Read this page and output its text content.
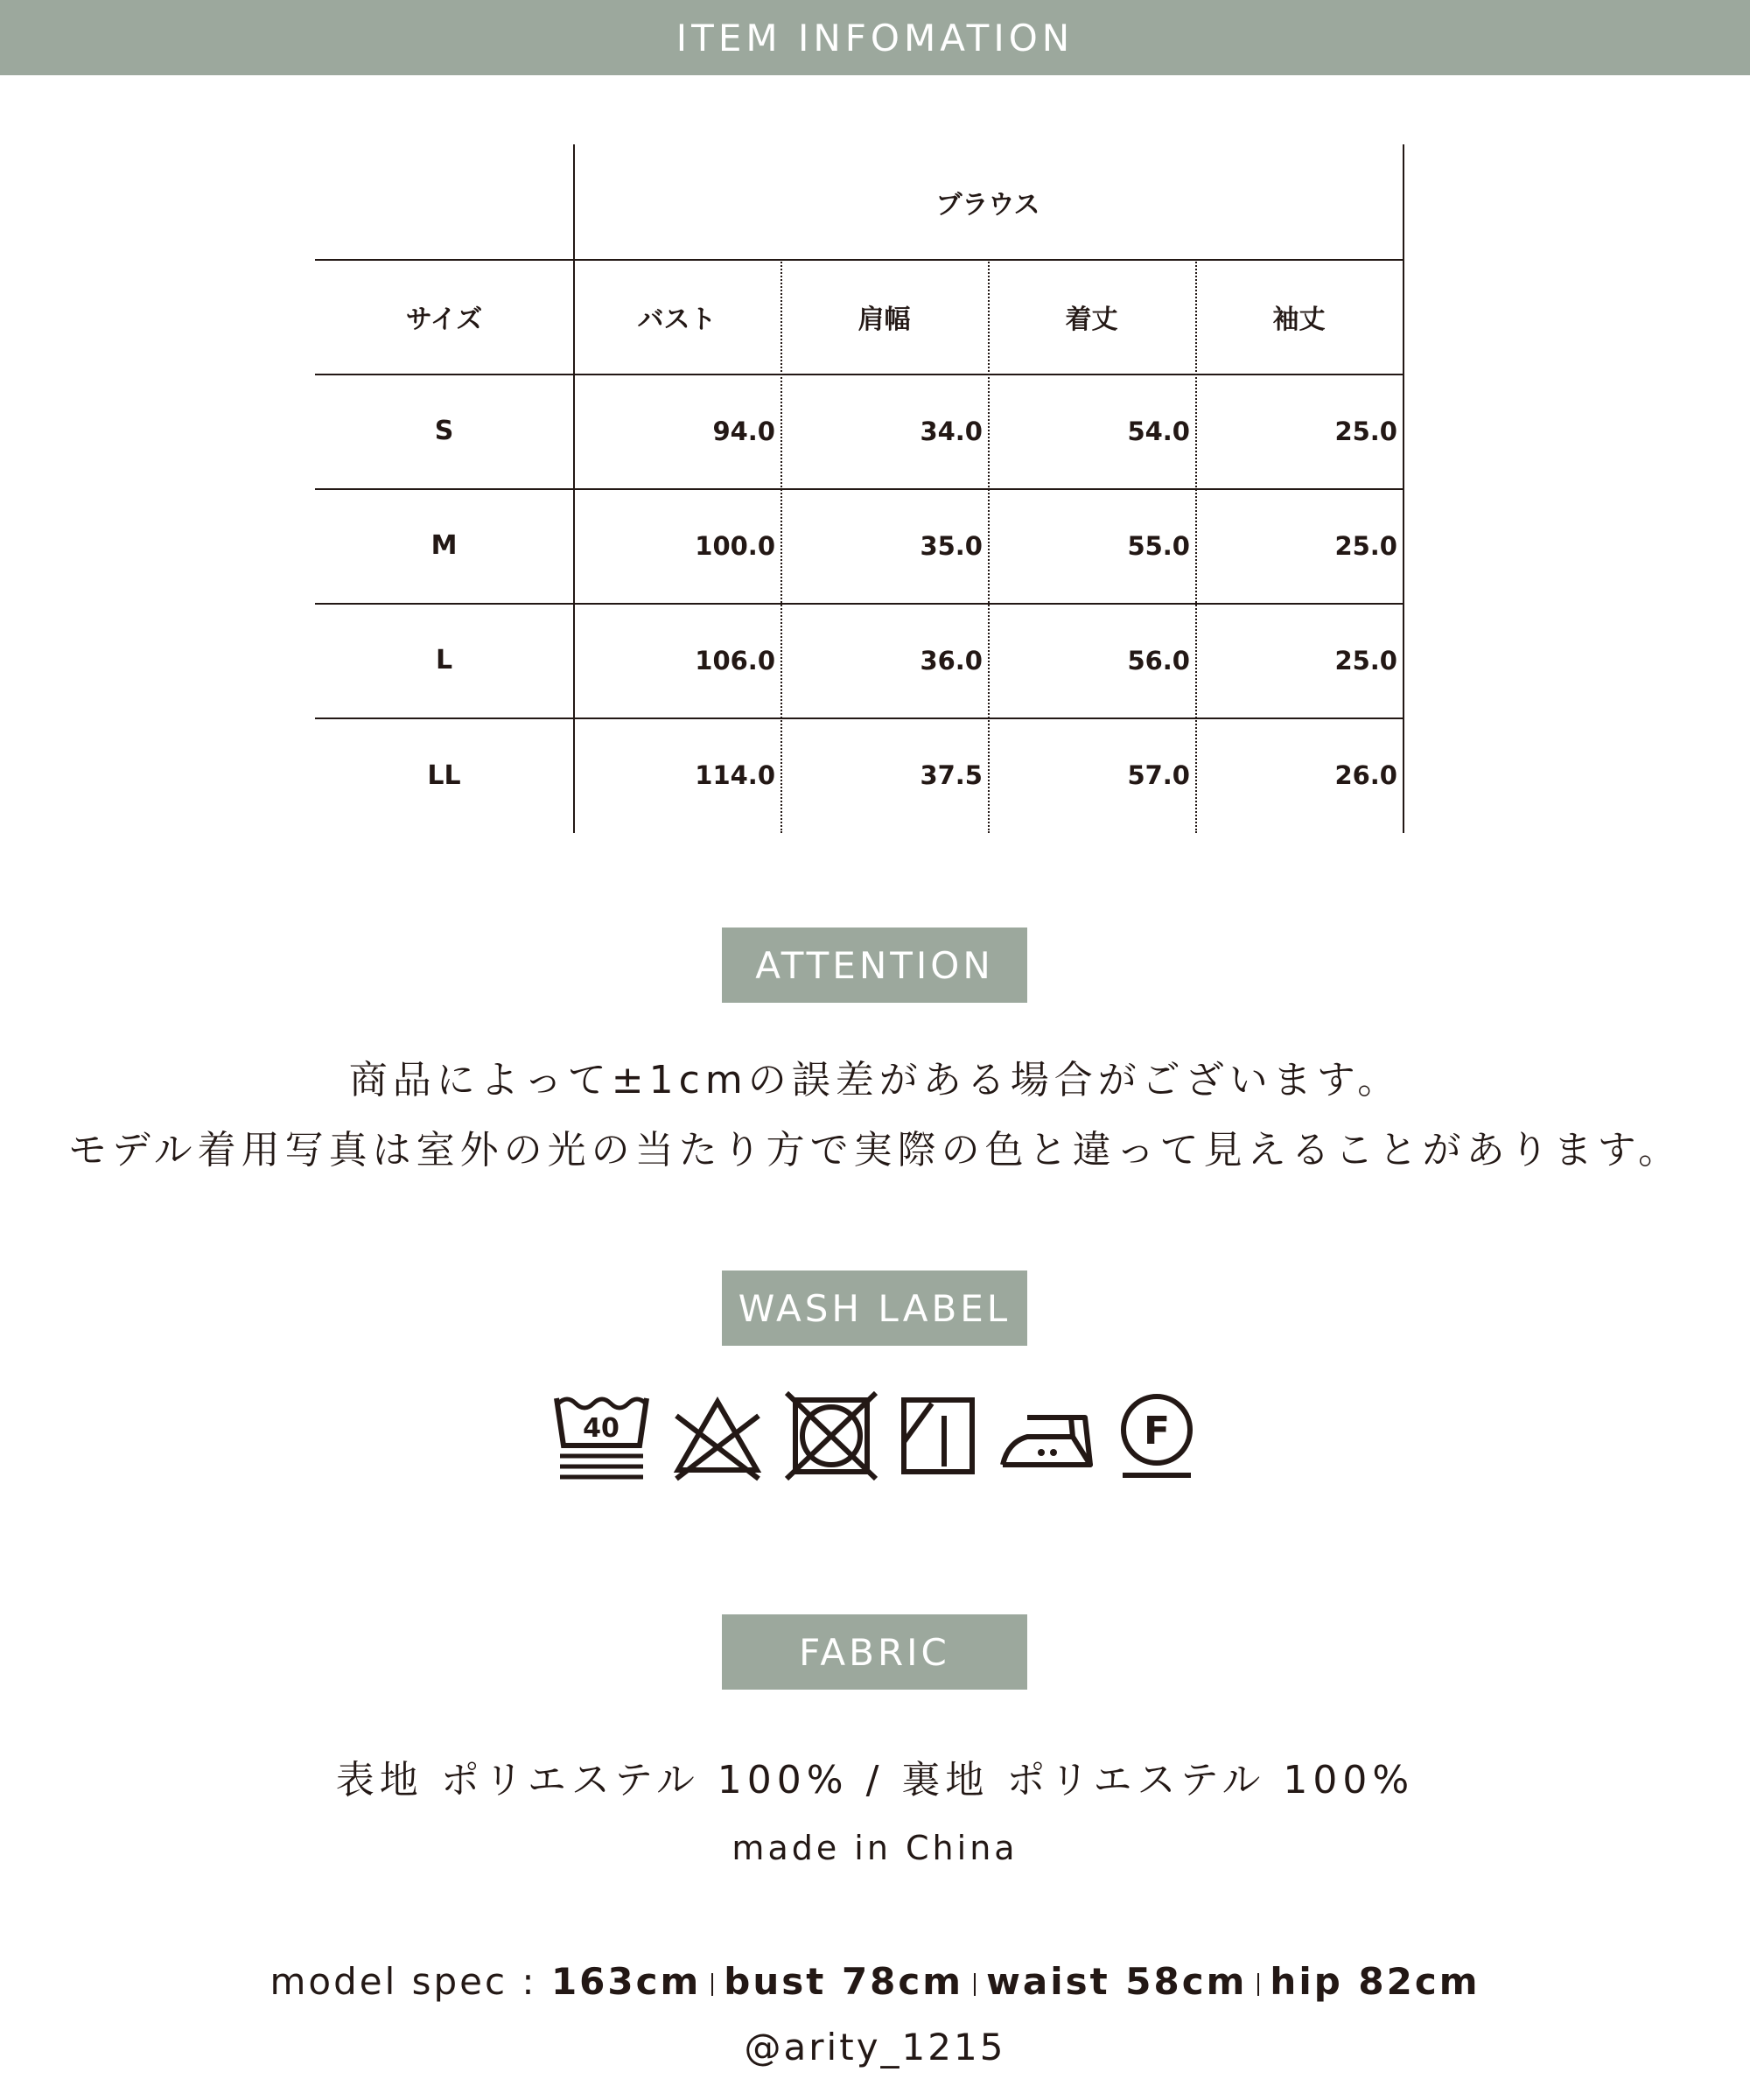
ITEM INFOMATION
ブラウス
サイズ	バスト	肩幅	着丈	袖丈
S	94.0	34.0	54.0	25.0
M	100.0	35.0	55.0	25.0
L	106.0	36.0	56.0	25.0
LL	114.0	37.5	57.0	26.0
ATTENTION
商品によって±1cmの誤差がある場合がございます。
モデル着用写真は室外の光の当たり方で実際の色と違って見えることがあります。
WASH LABEL
40	F
FABRIC
表地 ポリエステル 100% / 裏地 ポリエステル 100%
made in China
model spec : 163cm bust 78cm waist 58cm hip 82cm
@arity_1215
